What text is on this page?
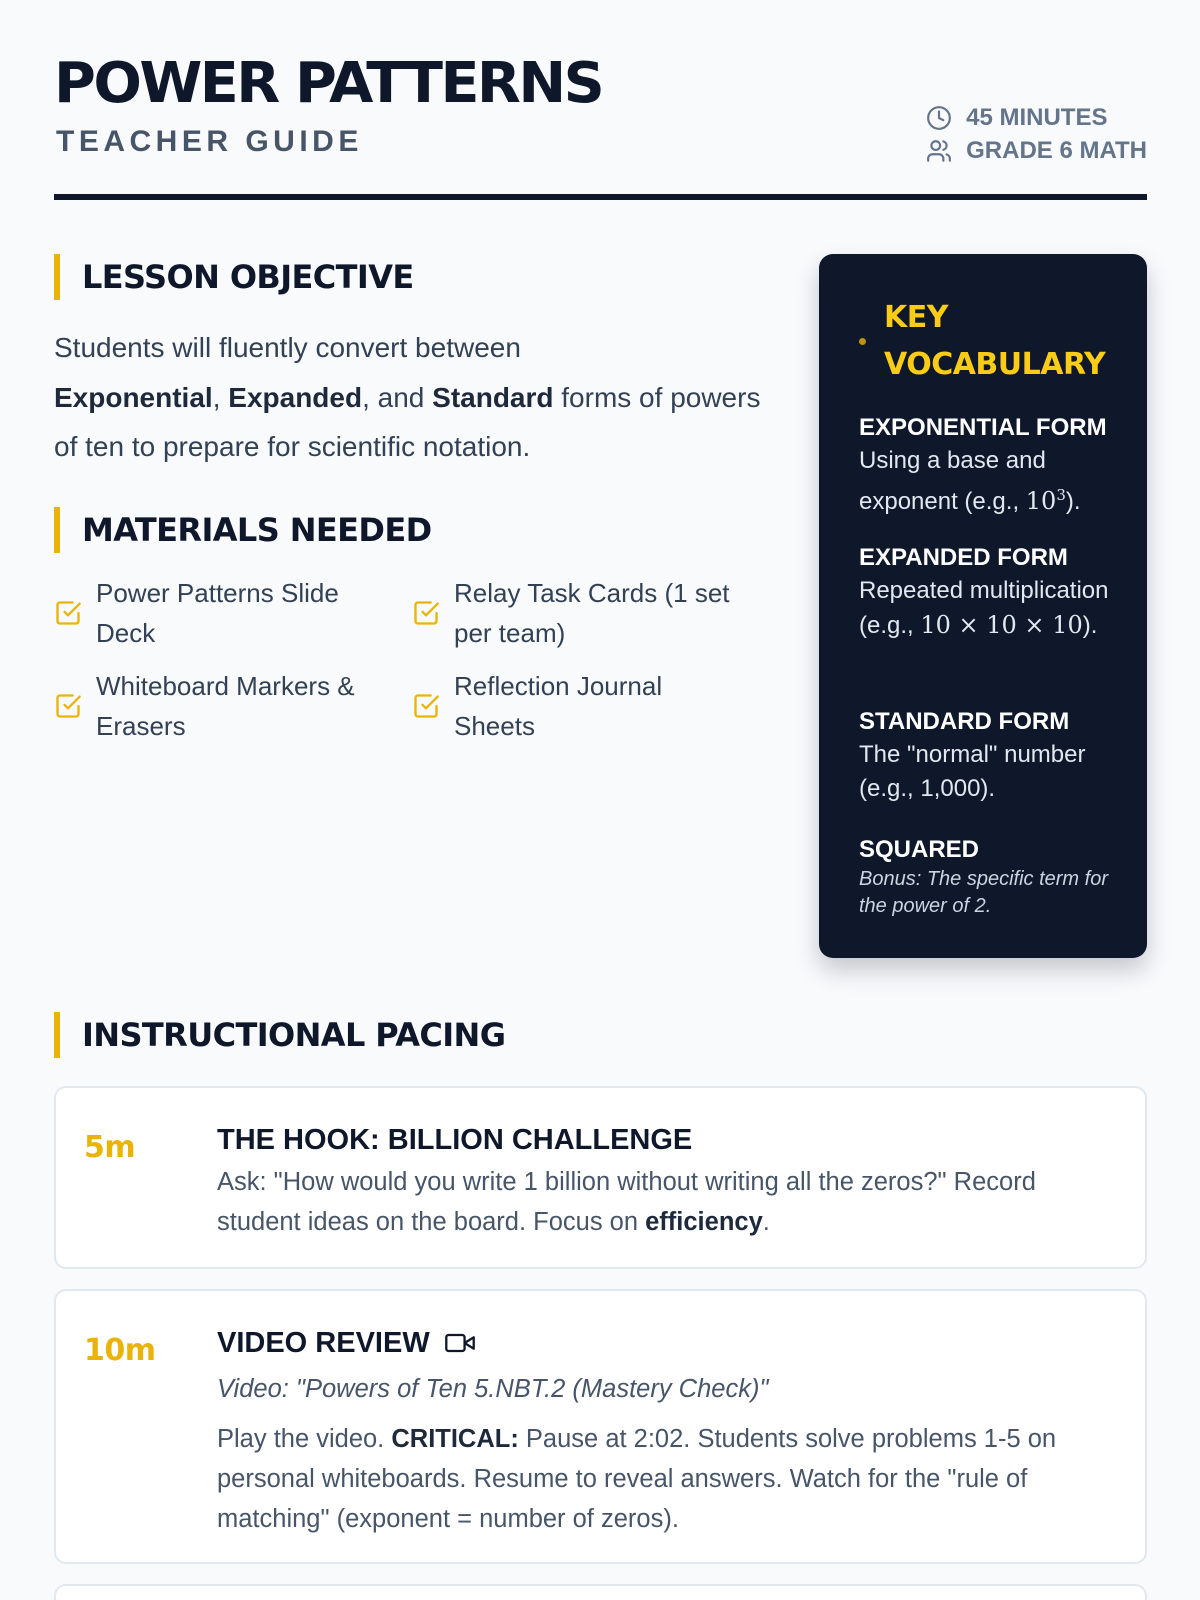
POWER PATTERNS
TEACHER GUIDE
45 MINUTES
GRADE 6 MATH
LESSON OBJECTIVE
Students will fluently convert between
Exponential, Expanded, and Standard forms of powers of ten to prepare for scientific notation.
MATERIALS NEEDED
Power Patterns Slide Deck
Relay Task Cards (1 set per team)
Whiteboard Markers & Erasers
Reflection Journal Sheets
KEY VOCABULARY
EXPONENTIAL FORM

Using a base and exponent (e.g., $10^3$).

EXPANDED FORM

Repeated multiplication (e.g., 10 × 10 × 10).

STANDARD FORM

The "normal" number (e.g., 1,000).

SQUARED

Bonus: The specific term for the power of 2.

INSTRUCTIONAL PACING
5m	THE HOOK: BILLION CHALLENGE

Ask: "How would you write 1 billion without writing all the zeros?" Record student ideas on the board. Focus on efficiency.

10m VIDEO REVIEW

Video: "Powers of Ten 5.NBT.2 (Mastery Check)"

Play the video. CRITICAL: Pause at 2:02. Students solve problems 1-5 on personal whiteboards. Resume to reveal answers. Watch for the "rule of matching" (exponent = number of zeros).
